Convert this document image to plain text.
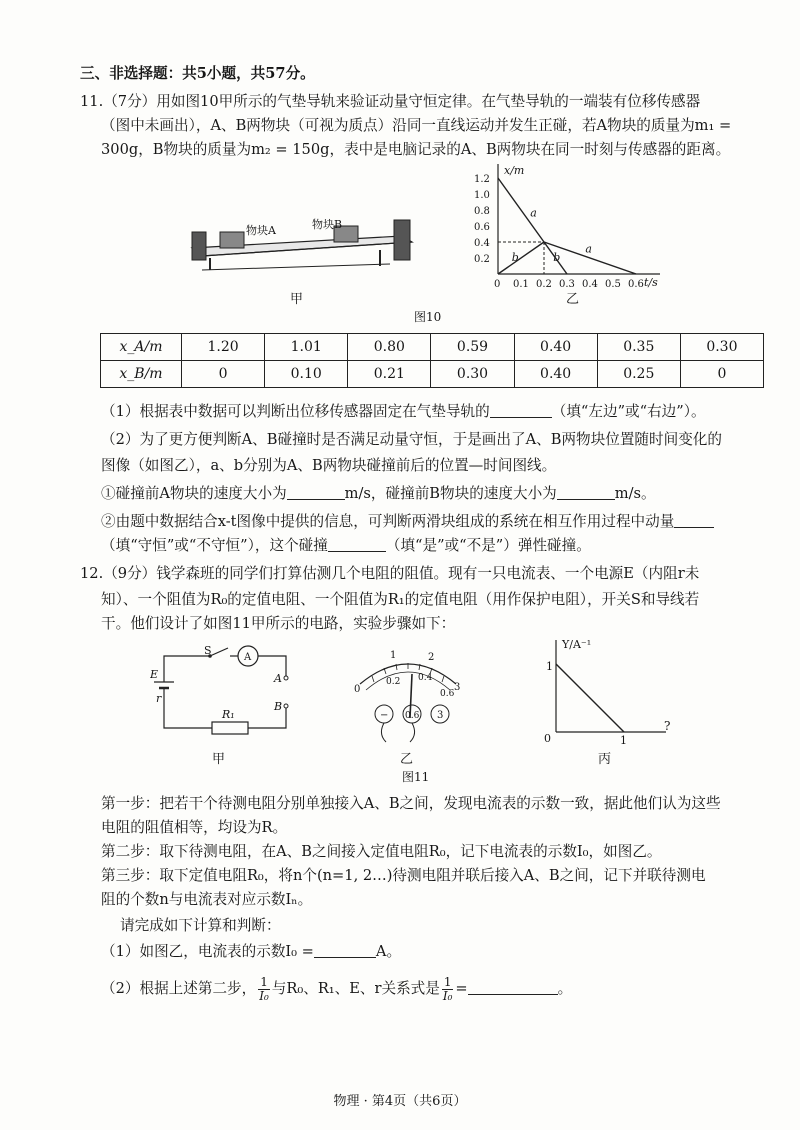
三、非选择题：共5小题，共57分。
11.（7分）用如图10甲所示的气垫导轨来验证动量守恒定律。在气垫导轨的一端装有位移传感器
（图中未画出），A、B两物块（可视为质点）沿同一直线运动并发生正碰，若A物块的质量为m₁ =
300g，B物块的质量为m₂ = 150g，表中是电脑记录的A、B两物块在同一时刻与传感器的距离。
物块A	物块B
甲
x/m
t/s
1.2
1.0
0.8
0.6
0.4
0.2
0 0.1 0.2 0.3 0.4 0.5 0.6
a
a
b	b
乙
图10
x_A/m	1.20	1.01	0.80	0.59	0.40	0.35	0.30
x_B/m	0	0.10	0.21	0.30	0.40	0.25	0
（1）根据表中数据可以判断出位移传感器固定在气垫导轨的	（填“左边”或“右边”）。
（2）为了更方便判断A、B碰撞时是否满足动量守恒，于是画出了A、B两物块位置随时间变化的
图像（如图乙），a、b分别为A、B两物块碰撞前后的位置—时间图线。
①碰撞前A物块的速度大小为	m/s，碰撞前B物块的速度大小为	m/s。
②由题中数据结合x-t图像中提供的信息，可判断两滑块组成的系统在相互作用过程中动量
（填“守恒”或“不守恒”），这个碰撞	（填“是”或“不是”）弹性碰撞。
12.（9分）钱学森班的同学们打算估测几个电阻的阻值。现有一只电流表、一个电源E（内阻r未
知）、一个阻值为R₀的定值电阻、一个阻值为R₁的定值电阻（用作保护电阻），开关S和导线若
干。他们设计了如图11甲所示的电路，实验步骤如下：
S
A
E
r
A
B
R₁
甲
0
1	2
3
0.2 0.4
0.6
− 0.6 3
乙
图11
Y/A⁻¹
1
0	1
?
丙
第一步：把若干个待测电阻分别单独接入A、B之间，发现电流表的示数一致，据此他们认为这些
电阻的阻值相等，均设为R。
第二步：取下待测电阻，在A、B之间接入定值电阻R₀，记下电流表的示数I₀，如图乙。
第三步：取下定值电阻R₀，将n个(n=1, 2…)待测电阻并联后接入A、B之间，记下并联待测电
阻的个数n与电流表对应示数Iₙ。
请完成如下计算和判断：
（1）如图乙，电流表的示数I₀ =	A。
（2）根据上述第二步， $\frac{1}{\text{I₀}}$ 与R₀、R₁、E、r关系式是 $\frac{1}{\text{I₀}}$ =	。
物理 · 第4页（共6页）
